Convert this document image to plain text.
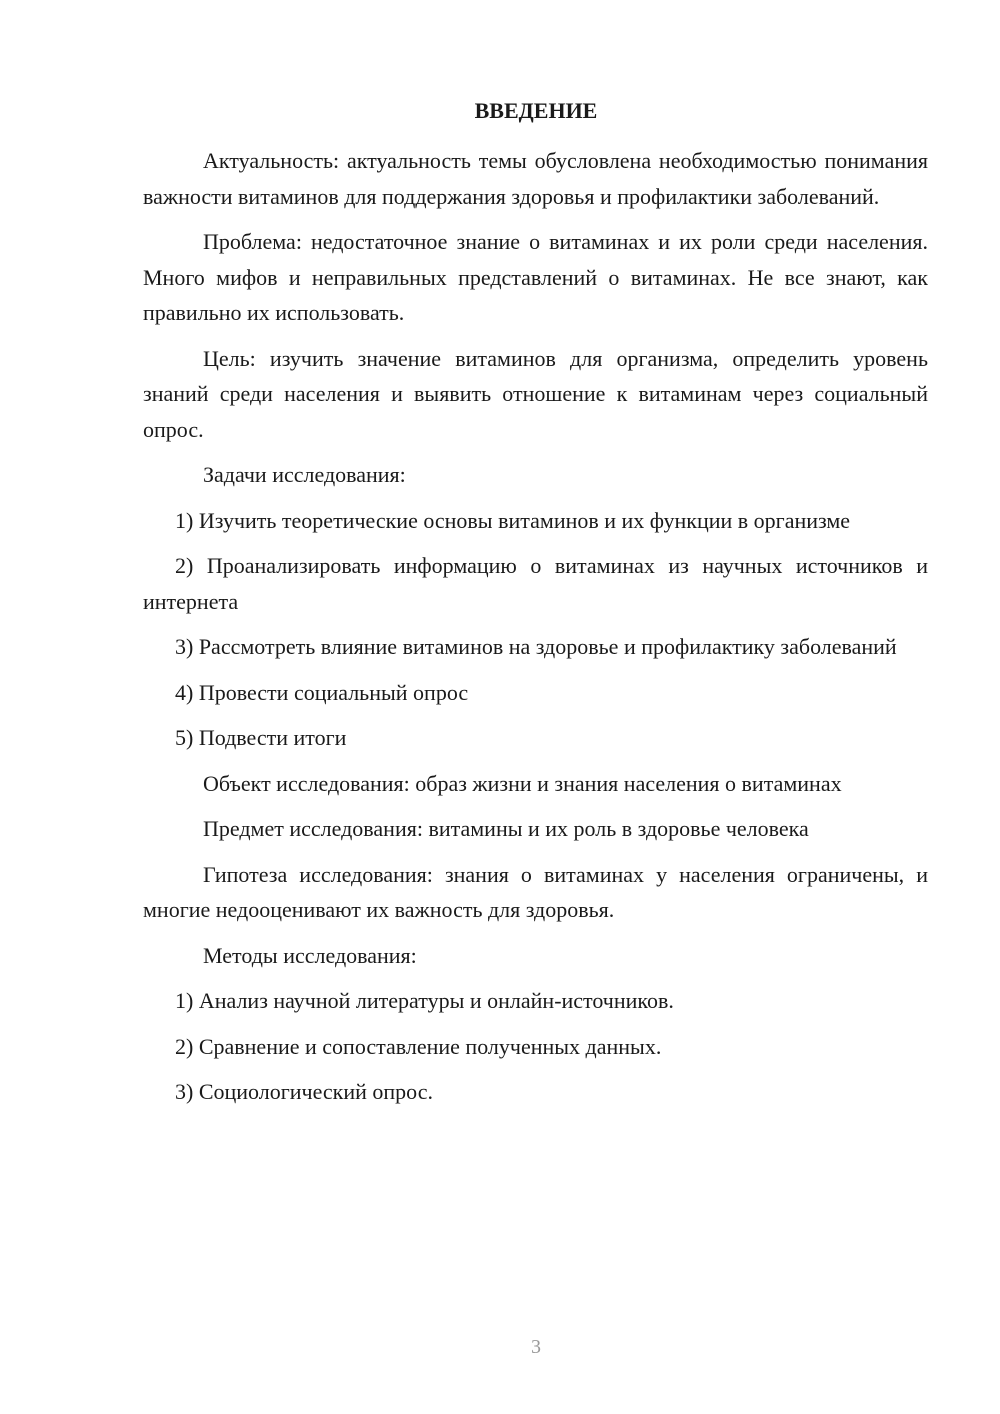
ВВЕДЕНИЕ

Актуальность: актуальность темы обусловлена необходимостью понимания важности витаминов для поддержания здоровья и профилактики заболеваний.

Проблема: недостаточное знание о витаминах и их роли среди населения. Много мифов и неправильных представлений о витаминах. Не все знают, как правильно их использовать.

Цель: изучить значение витаминов для организма, определить уровень знаний среди населения и выявить отношение к витаминам через социальный опрос.

Задачи исследования:

1) Изучить теоретические основы витаминов и их функции в организме

2) Проанализировать информацию о витаминах из научных источников и интернета

3) Рассмотреть влияние витаминов на здоровье и профилактику заболеваний

4) Провести социальный опрос

5) Подвести итоги

Объект исследования: образ жизни и знания населения о витаминах

Предмет исследования: витамины и их роль в здоровье человека

Гипотеза исследования: знания о витаминах у населения ограничены, и многие недооценивают их важность для здоровья.

Методы исследования:

1) Анализ научной литературы и онлайн-источников.

2) Сравнение и сопоставление полученных данных.

3) Социологический опрос.

3
